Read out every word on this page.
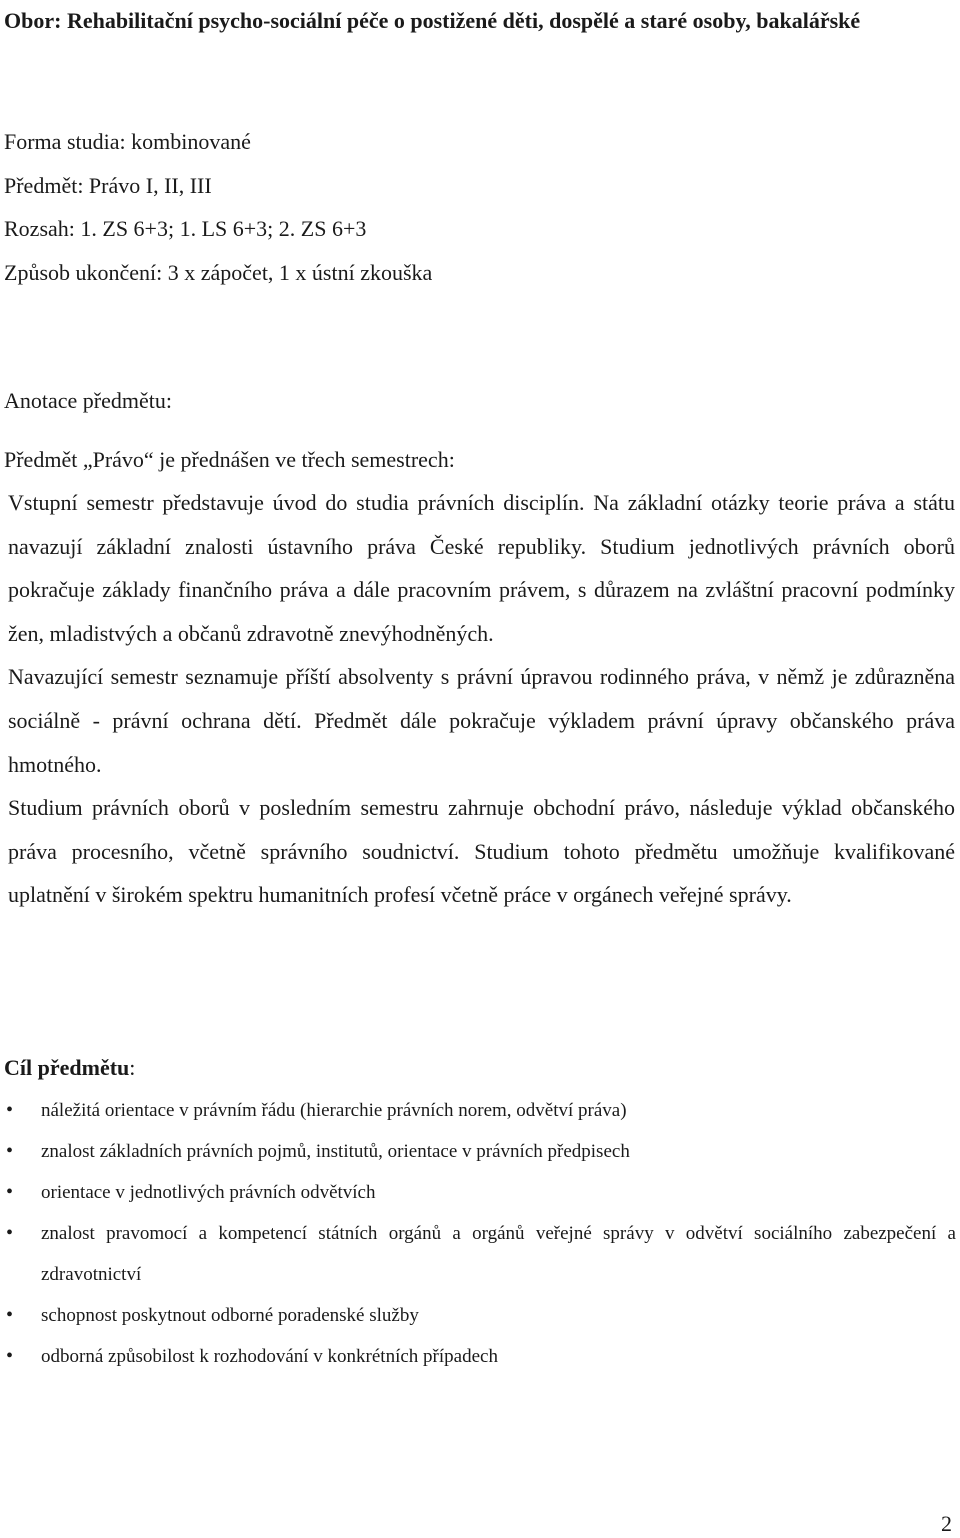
Obor: Rehabilitační psycho-sociální péče o postižené děti, dospělé a staré osoby, bakalářské
Forma studia: kombinované
Předmět: Právo I, II, III
Rozsah: 1. ZS 6+3; 1. LS 6+3; 2. ZS 6+3
Způsob ukončení: 3 x zápočet, 1 x ústní zkouška
Anotace předmětu:
Předmět „Právo“ je přednášen ve třech semestrech:

Vstupní semestr představuje úvod do studia právních disciplín. Na základní otázky teorie práva a státu navazují základní znalosti ústavního práva České republiky. Studium jednotlivých právních oborů pokračuje základy finančního práva a dále pracovním právem, s důrazem na zvláštní pracovní podmínky žen, mladistvých a občanů zdravotně znevýhodněných.

Navazující semestr seznamuje příští absolventy s právní úpravou rodinného práva, v němž je zdůrazněna sociálně - právní ochrana dětí. Předmět dále pokračuje výkladem právní úpravy občanského práva hmotného.

Studium právních oborů v posledním semestru zahrnuje obchodní právo, následuje výklad občanského práva procesního, včetně správního soudnictví. Studium tohoto předmětu umožňuje kvalifikované uplatnění v širokém spektru humanitních profesí včetně práce v orgánech veřejné správy.

Cíl předmětu:
• náležitá orientace v právním řádu (hierarchie právních norem, odvětví práva)
• znalost základních právních pojmů, institutů, orientace v právních předpisech
• orientace v jednotlivých právních odvětvích
• znalost pravomocí a kompetencí státních orgánů a orgánů veřejné správy v odvětví sociálního zabezpečení a zdravotnictví
• schopnost poskytnout odborné poradenské služby
• odborná způsobilost k rozhodování v konkrétních případech
2
